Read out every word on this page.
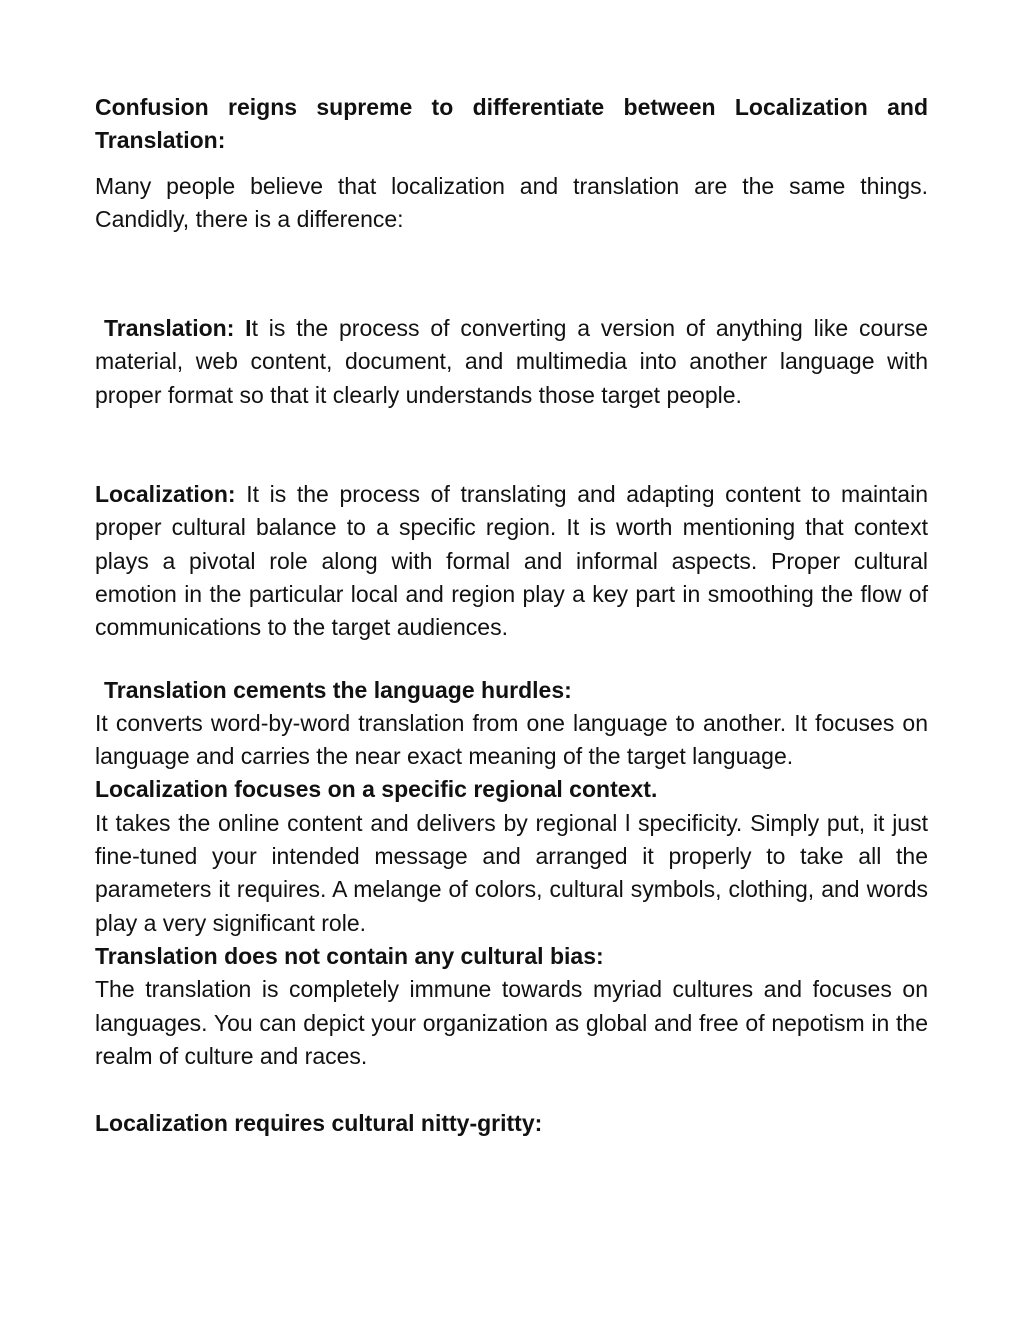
Confusion reigns supreme to differentiate between Localization and Translation:

Many people believe that localization and translation are the same things. Candidly, there is a difference:

Translation: It is the process of converting a version of anything like course material, web content, document, and multimedia into another language with proper format so that it clearly understands those target people.

Localization: It is the process of translating and adapting content to maintain proper cultural balance to a specific region. It is worth mentioning that context plays a pivotal role along with formal and informal aspects. Proper cultural emotion in the particular local and region play a key part in smoothing the flow of communications to the target audiences.

Translation cements the language hurdles:

It converts word-by-word translation from one language to another. It focuses on language and carries the near exact meaning of the target language.

Localization focuses on a specific regional context.

It takes the online content and delivers by regional l specificity. Simply put, it just fine-tuned your intended message and arranged it properly to take all the parameters it requires. A melange of colors, cultural symbols, clothing, and words play a very significant role.

Translation does not contain any cultural bias:

The translation is completely immune towards myriad cultures and focuses on languages. You can depict your organization as global and free of nepotism in the realm of culture and races.

Localization requires cultural nitty-gritty:
